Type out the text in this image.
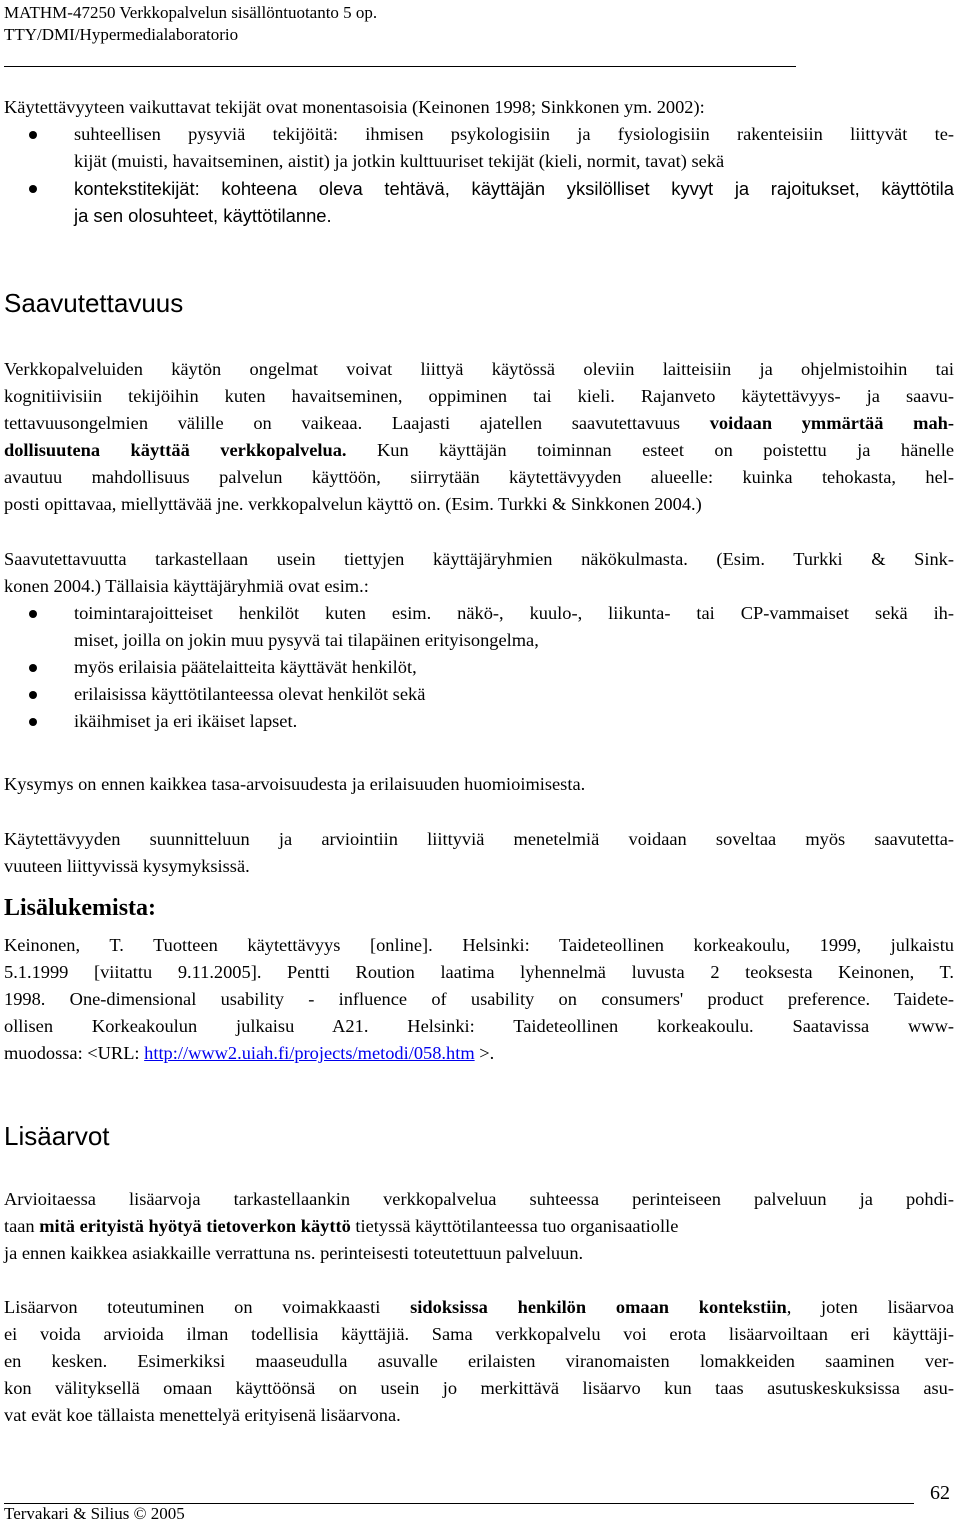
MATHM-47250 Verkkopalvelun sisällöntuotanto 5 op.
TTY/DMI/Hypermedialaboratorio
Käytettävyyteen vaikuttavat tekijät ovat monentasoisia (Keinonen 1998; Sinkkonen ym. 2002):
suhteellisen pysyviä tekijöitä: ihmisen psykologisiin ja fysiologisiin rakenteisiin liittyvät te-
kijät (muisti, havaitseminen, aistit) ja jotkin kulttuuriset tekijät (kieli, normit, tavat) sekä
kontekstitekijät: kohteena oleva tehtävä, käyttäjän yksilölliset kyvyt ja rajoitukset, käyttötila
ja sen olosuhteet, käyttötilanne.
Saavutettavuus
Verkkopalveluiden käytön ongelmat voivat liittyä käytössä oleviin laitteisiin ja ohjelmistoihin tai
kognitiivisiin tekijöihin kuten havaitseminen, oppiminen tai kieli. Rajanveto käytettävyys- ja saavu-
tettavuusongelmien välille on vaikeaa. Laajasti ajatellen saavutettavuus voidaan ymmärtää mah-
dollisuutena käyttää verkkopalvelua. Kun käyttäjän toiminnan esteet on poistettu ja hänelle
avautuu mahdollisuus palvelun käyttöön, siirrytään käytettävyyden alueelle: kuinka tehokasta, hel-
posti opittavaa, miellyttävää jne. verkkopalvelun käyttö on. (Esim. Turkki & Sinkkonen 2004.)
Saavutettavuutta tarkastellaan usein tiettyjen käyttäjäryhmien näkökulmasta. (Esim. Turkki & Sink-
konen 2004.) Tällaisia käyttäjäryhmiä ovat esim.:
toimintarajoitteiset henkilöt kuten esim. näkö-, kuulo-, liikunta- tai CP-vammaiset sekä ih-
miset, joilla on jokin muu pysyvä tai tilapäinen erityisongelma,
myös erilaisia päätelaitteita käyttävät henkilöt,
erilaisissa käyttötilanteessa olevat henkilöt sekä
ikäihmiset ja eri ikäiset lapset.
Kysymys on ennen kaikkea tasa-arvoisuudesta ja erilaisuuden huomioimisesta.
Käytettävyyden suunnitteluun ja arviointiin liittyviä menetelmiä voidaan soveltaa myös saavutetta-
vuuteen liittyvissä kysymyksissä.
Lisälukemista:
Keinonen, T. Tuotteen käytettävyys [online]. Helsinki: Taideteollinen korkeakoulu, 1999, julkaistu
5.1.1999 [viitattu 9.11.2005]. Pentti Roution laatima lyhennelmä luvusta 2 teoksesta Keinonen, T.
1998. One-dimensional usability - influence of usability on consumers' product preference. Taidete-
ollisen Korkeakoulun julkaisu A21. Helsinki: Taideteollinen korkeakoulu. Saatavissa www-
muodossa: <URL: http://www2.uiah.fi/projects/metodi/058.htm >.
Lisäarvot
Arvioitaessa lisäarvoja tarkastellaankin verkkopalvelua suhteessa perinteiseen palveluun ja pohdi-
taan mitä erityistä hyötyä tietoverkon käyttö tietyssä käyttötilanteessa tuo organisaatiolle
ja ennen kaikkea asiakkaille verrattuna ns. perinteisesti toteutettuun palveluun.
Lisäarvon toteutuminen on voimakkaasti sidoksissa henkilön omaan kontekstiin, joten lisäarvoa
ei voida arvioida ilman todellisia käyttäjiä. Sama verkkopalvelu voi erota lisäarvoiltaan eri käyttäji-
en kesken. Esimerkiksi maaseudulla asuvalle erilaisten viranomaisten lomakkeiden saaminen ver-
kon välityksellä omaan käyttöönsä on usein jo merkittävä lisäarvo kun taas asutuskeskuksissa asu-
vat evät koe tällaista menettelyä erityisenä lisäarvona.
62
Tervakari & Silius © 2005
